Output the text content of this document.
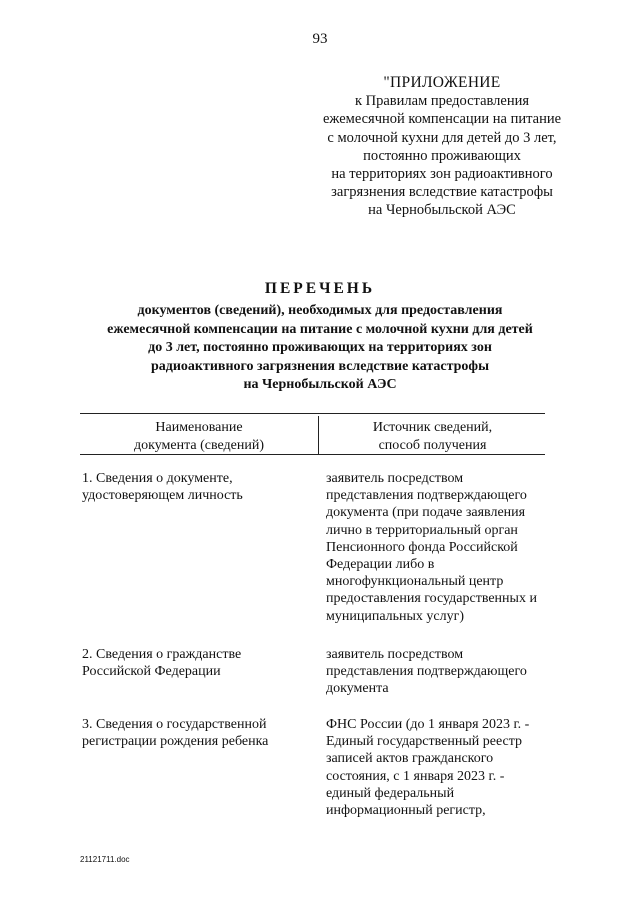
93
"ПРИЛОЖЕНИЕ
к Правилам предоставления
ежемесячной компенсации на питание
с молочной кухни для детей до 3 лет,
постоянно проживающих
на территориях зон радиоактивного
загрязнения вследствие катастрофы
на Чернобыльской АЭС
ПЕРЕЧЕНЬ
документов (сведений), необходимых для предоставления
ежемесячной компенсации на питание с молочной кухни для детей
до 3 лет, постоянно проживающих на территориях зон
радиоактивного загрязнения вследствие катастрофы
на Чернобыльской АЭС
Наименование
документа (сведений)
Источник сведений,
способ получения
1. Сведения о документе,
удостоверяющем личность
заявитель посредством
представления подтверждающего
документа (при подаче заявления
лично в территориальный орган
Пенсионного фонда Российской
Федерации либо в
многофункциональный центр
предоставления государственных и
муниципальных услуг)
2. Сведения о гражданстве
Российской Федерации
заявитель посредством
представления подтверждающего
документа
3. Сведения о государственной
регистрации рождения ребенка
ФНС России (до 1 января 2023 г. -
Единый государственный реестр
записей актов гражданского
состояния, с 1 января 2023 г. -
единый федеральный
информационный регистр,
21121711.doc
